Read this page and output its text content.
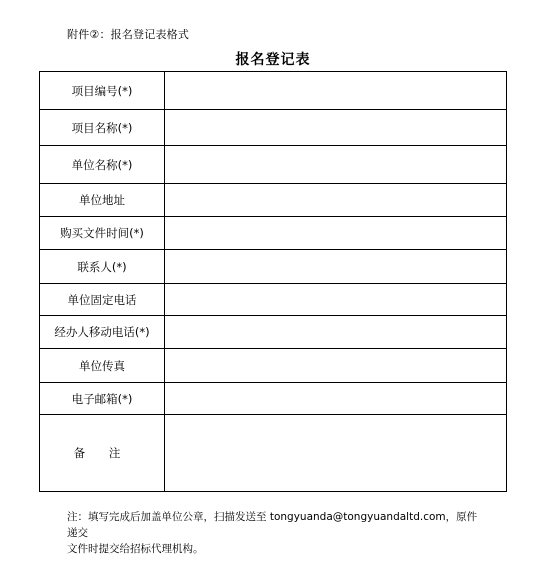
附件②：报名登记表格式
报名登记表
项目编号(*)	
项目名称(*)	
单位名称(*)	
单位地址	
购买文件时间(*)	
联系人(*)	
单位固定电话	
经办人移动电话(*)	
单位传真	
电子邮箱(*)	
备 注	
注：填写完成后加盖单位公章，扫描发送至 tongyuanda@tongyuandaltd.com，原件递交
文件时提交给招标代理机构。
